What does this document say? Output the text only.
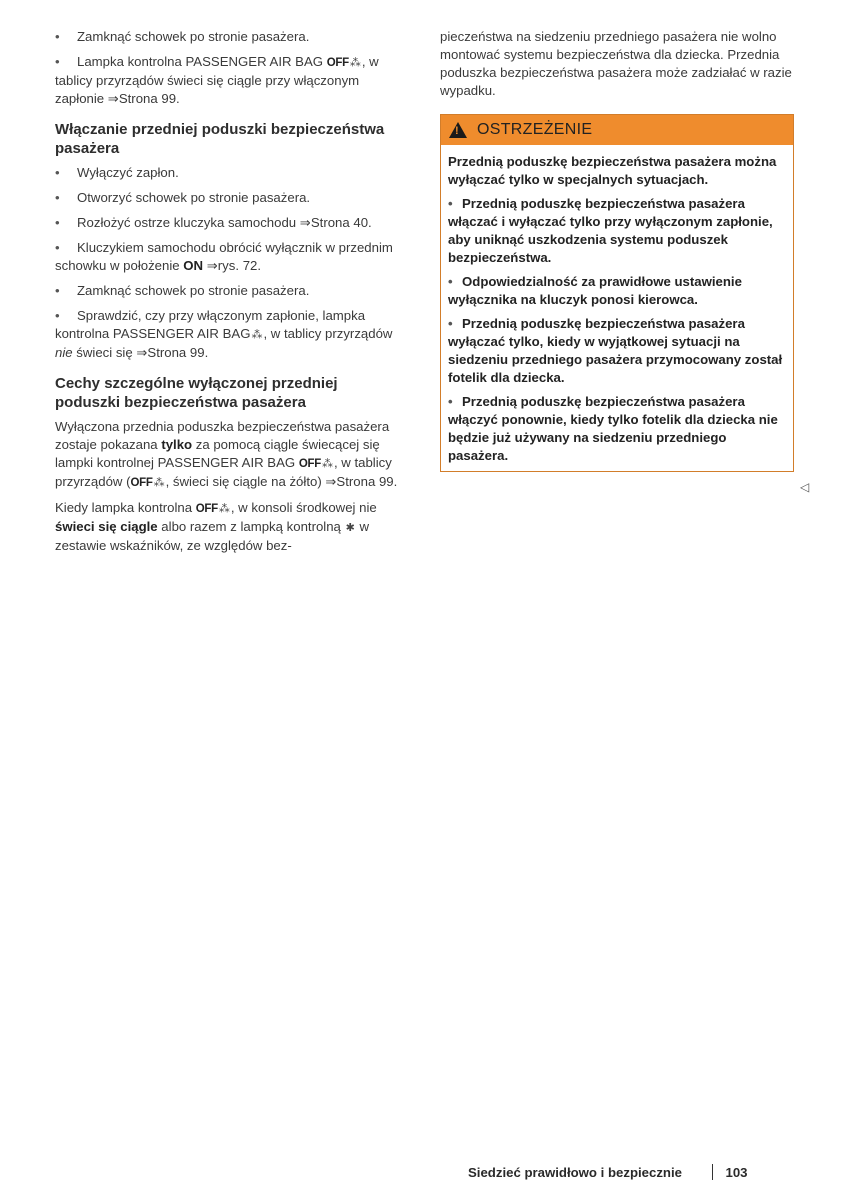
• Zamknąć schowek po stronie pasażera.
• Lampka kontrolna PASSENGER AIR BAG OFF⁂, w tablicy przyrządów świeci się ciągle przy włączonym zapłonie ⇒Strona 99.
Włączanie przedniej poduszki bezpieczeństwa pasażera
• Wyłączyć zapłon.
• Otworzyć schowek po stronie pasażera.
• Rozłożyć ostrze kluczyka samochodu ⇒Strona 40.
• Kluczykiem samochodu obrócić wyłącznik w przednim schowku w położenie ON ⇒rys. 72.
• Zamknąć schowek po stronie pasażera.
• Sprawdzić, czy przy włączonym zapłonie, lampka kontrolna PASSENGER AIR BAG⁂, w tablicy przyrządów nie świeci się ⇒Strona 99.
Cechy szczególne wyłączonej przedniej poduszki bezpieczeństwa pasażera

Wyłączona przednia poduszka bezpieczeństwa pasażera zostaje pokazana tylko za pomocą ciągle świecącej się lampki kontrolnej PASSENGER AIR BAG OFF⁂, w tablicy przyrządów (OFF⁂, świeci się ciągle na żółto) ⇒Strona 99.

Kiedy lampka kontrolna OFF⁂, w konsoli środkowej nie świeci się ciągle albo razem z lampką kontrolną ✱ w zestawie wskaźników, ze względów bez-

pieczeństwa na siedzeniu przedniego pasażera nie wolno montować systemu bezpieczeństwa dla dziecka. Przednia poduszka bezpieczeństwa pasażera może zadziałać w razie wypadku.

! OSTRZEŻENIE

Przednią poduszkę bezpieczeństwa pasażera można wyłączać tylko w specjalnych sytuacjach.

• Przednią poduszkę bezpieczeństwa pasażera włączać i wyłączać tylko przy wyłączonym zapłonie, aby uniknąć uszkodzenia systemu poduszek bezpieczeństwa.

• Odpowiedzialność za prawidłowe ustawienie wyłącznika na kluczyk ponosi kierowca.

• Przednią poduszkę bezpieczeństwa pasażera wyłączać tylko, kiedy w wyjątkowej sytuacji na siedzeniu przedniego pasażera przymocowany został fotelik dla dziecka.

• Przednią poduszkę bezpieczeństwa pasażera włączyć ponownie, kiedy tylko fotelik dla dziecka nie będzie już używany na siedzeniu przedniego pasażera.

◁
Siedzieć prawidłowo i bezpiecznie	103
